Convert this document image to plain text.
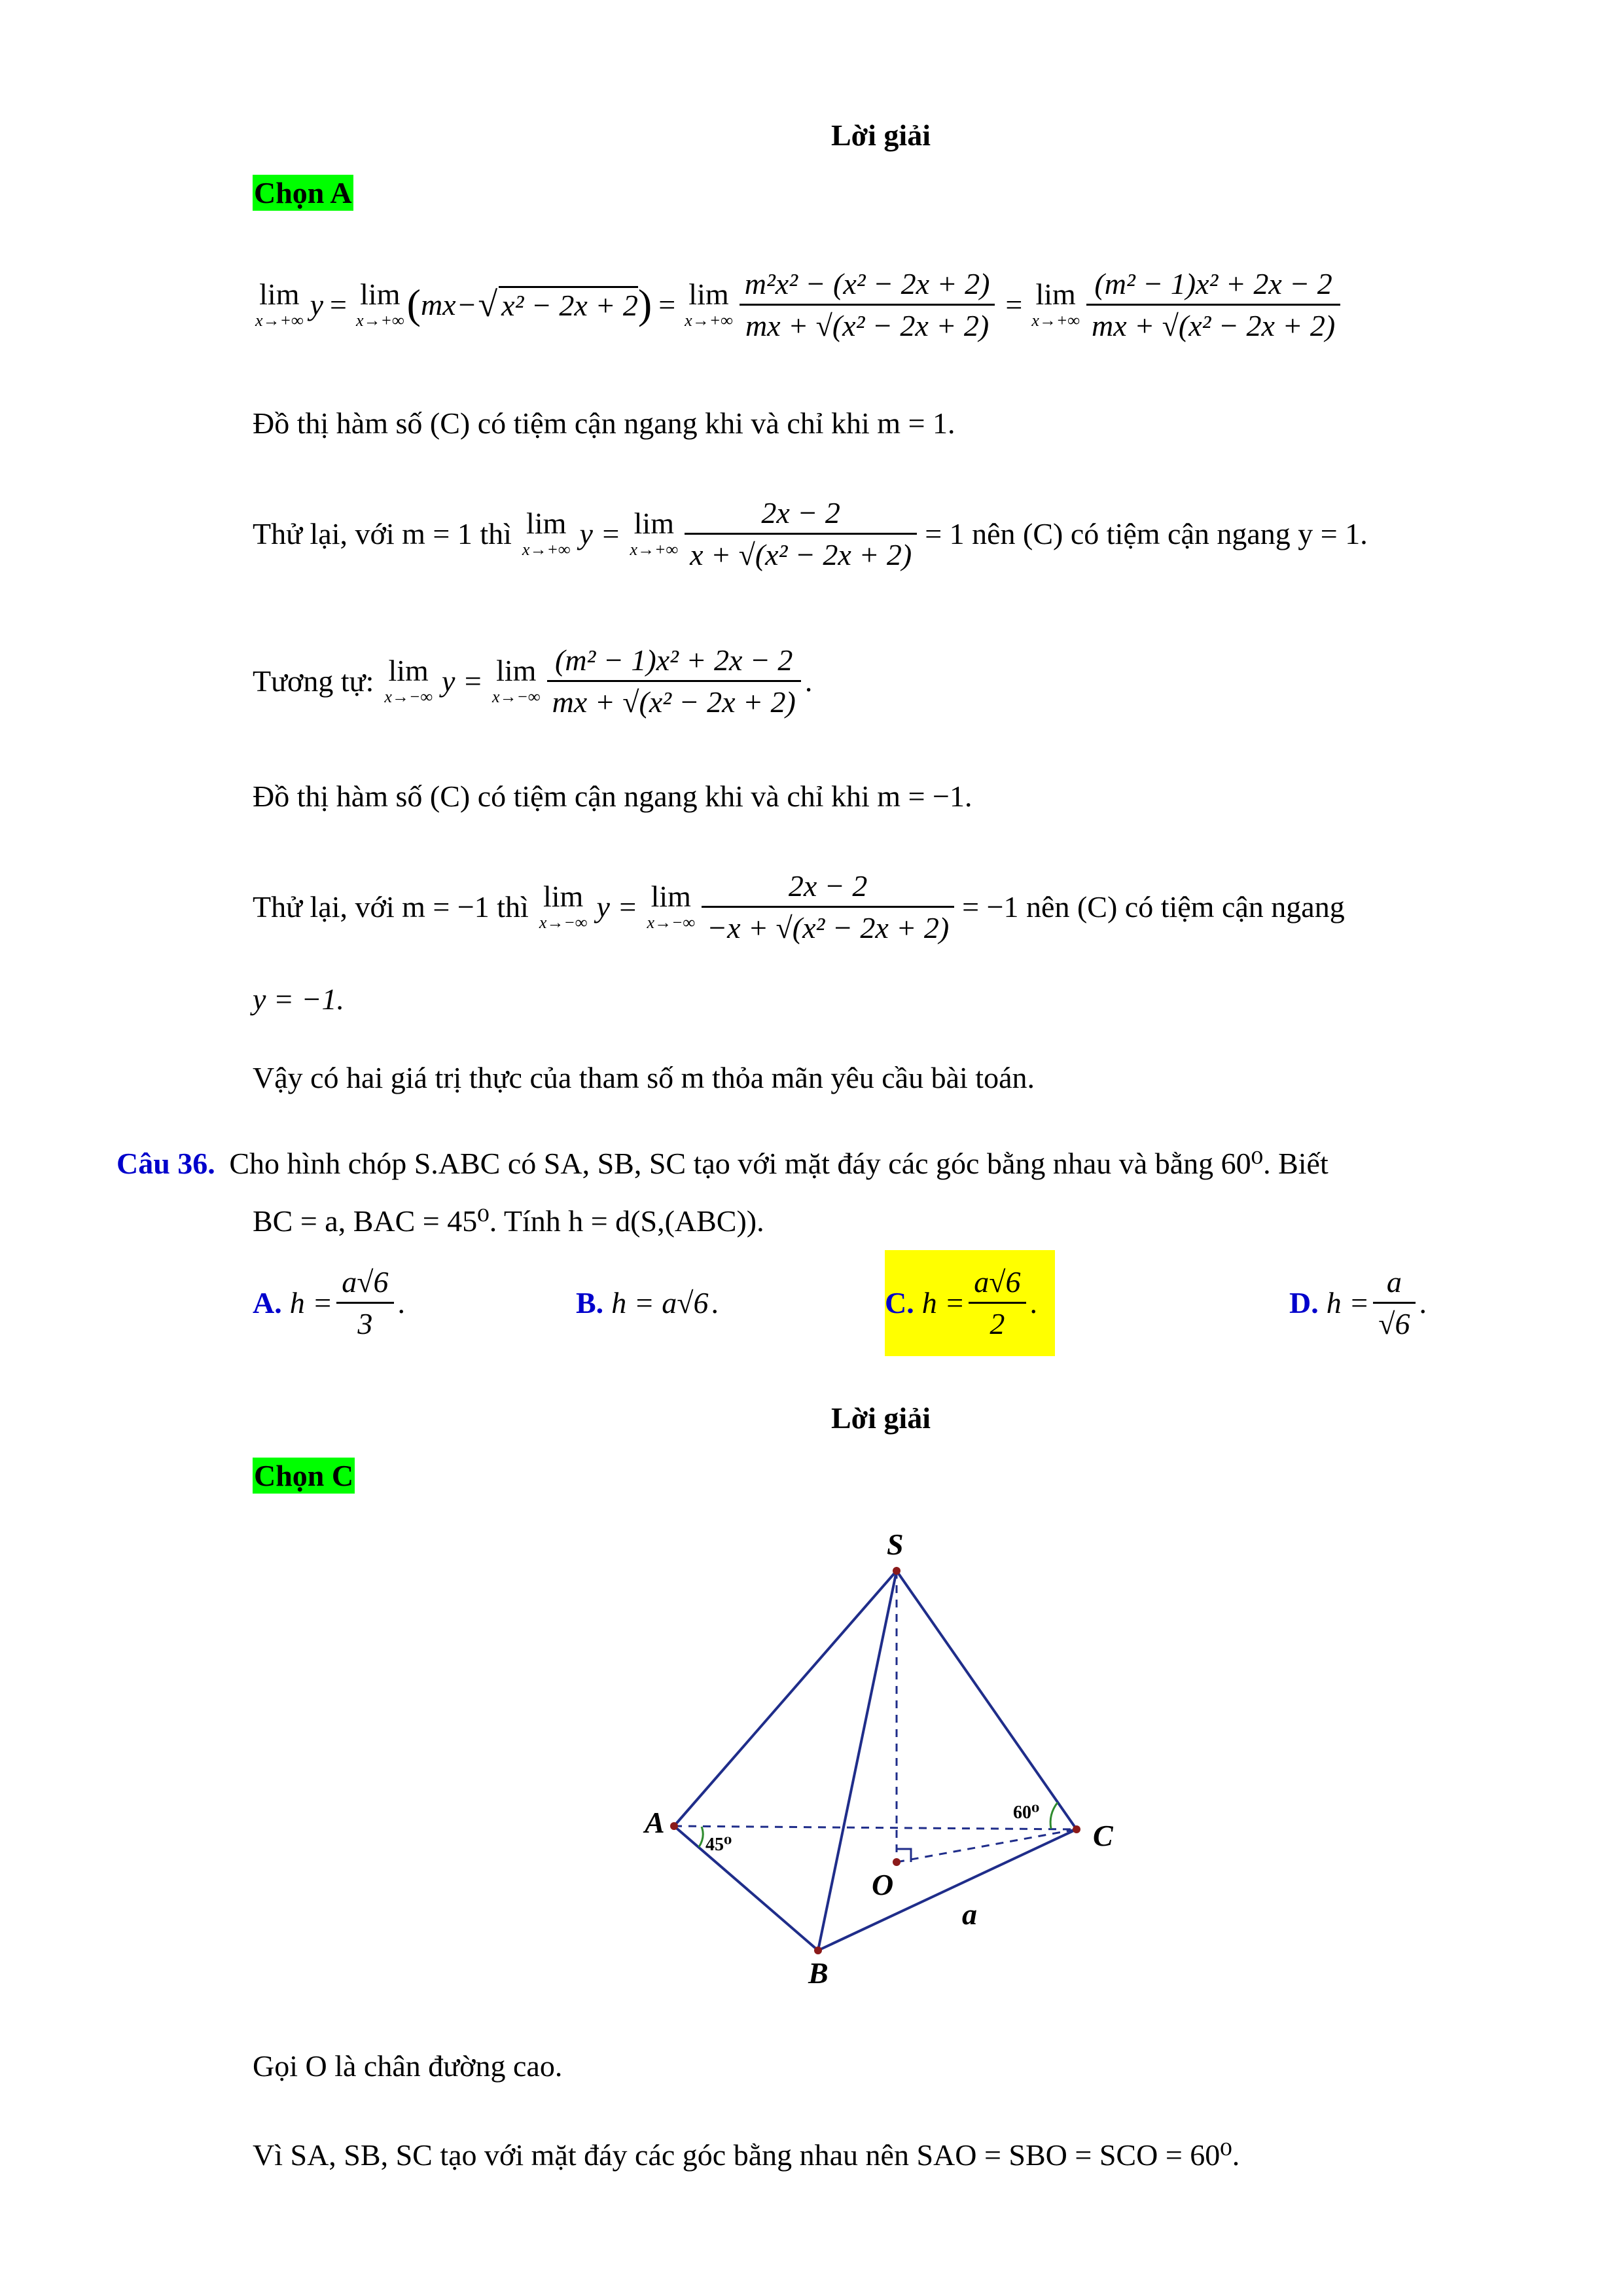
Lời giải
Chọn A
lim
x→+∞ y = lim
x→+∞ ( mx − √ x² − 2x + 2 ) = lim
$x\to+\infty \frac{\text{m²x² − (x² − 2x + 2)}}{\text{mx + √(x² − 2x + 2)}} = \lim$
$x\to+\infty \frac{\text{(m² − 1)x² + 2x − 2}}{\text{mx + √(x² − 2x + 2)}}$
Đồ thị hàm số (C) có tiệm cận ngang khi và chỉ khi m = 1.
Thử lại, với m = 1 thì lim
x→+∞ y = lim
$x\to+\infty \frac{2x - 2}{\text{x + √(x² − 2x + 2)}} = 1$ nên (C) có tiệm cận ngang y = 1.
Tương tự: lim
x→−∞ y = lim
$x\to-\infty \frac{\text{(m² − 1)x² + 2x − 2}}{\text{mx + √(x² − 2x + 2)}}$ .
Đồ thị hàm số (C) có tiệm cận ngang khi và chỉ khi m = −1.
Thử lại, với m = −1 thì lim
x→−∞ y = lim
$x\to-\infty \frac{2x - 2}{\text{−x + √(x² − 2x + 2)}} = -1$ nên (C) có tiệm cận ngang
y = −1.
Vậy có hai giá trị thực của tham số m thỏa mãn yêu cầu bài toán.
Câu 36. Cho hình chóp S.ABC có SA, SB, SC tạo với mặt đáy các góc bằng nhau và bằng 60⁰. Biết
BC = a, BAC = 45⁰. Tính h = d(S,(ABC)).
A. $h = \frac{a√6}{3}$ .	B. h = a√6 .	C. $h = \frac{a√6}{2}$ .	D. $h = \frac{a}{√6}$ .
Lời giải
Chọn C
S
A
B
C
O
a
45⁰
60⁰
Gọi O là chân đường cao.
Vì SA, SB, SC tạo với mặt đáy các góc bằng nhau nên SAO = SBO = SCO = 60⁰.
